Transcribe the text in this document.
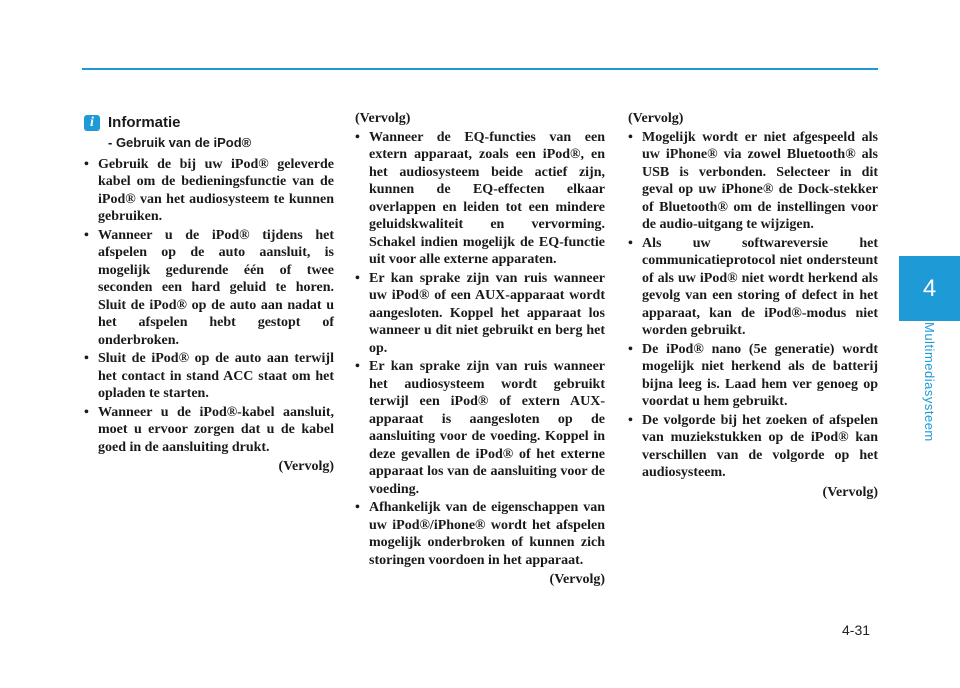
4
Multimediasysteem
i Informatie
- Gebruik van de iPod®
• Gebruik de bij uw iPod® geleverde kabel om de bedieningsfunctie van de iPod® van het audiosysteem te kunnen gebruiken.
• Wanneer u de iPod® tijdens het afspelen op de auto aansluit, is mogelijk gedurende één of twee seconden een hard geluid te horen. Sluit de iPod® op de auto aan nadat u het afspelen hebt gestopt of onderbroken.
• Sluit de iPod® op de auto aan terwijl het contact in stand ACC staat om het opladen te starten.
• Wanneer u de iPod®-kabel aansluit, moet u ervoor zorgen dat u de kabel goed in de aansluiting drukt.
(Vervolg)
(Vervolg)
• Wanneer de EQ-functies van een extern apparaat, zoals een iPod®, en het audiosysteem beide actief zijn, kunnen de EQ-effecten elkaar overlappen en leiden tot een mindere geluidskwaliteit en vervorming. Schakel indien mogelijk de EQ-functie uit voor alle externe apparaten.
• Er kan sprake zijn van ruis wanneer uw iPod® of een AUX-apparaat wordt aangesloten. Koppel het apparaat los wanneer u dit niet gebruikt en berg het op.
• Er kan sprake zijn van ruis wanneer het audiosysteem wordt gebruikt terwijl een iPod® of extern AUX-apparaat is aangesloten op de aansluiting voor de voeding. Koppel in deze gevallen de iPod® of het externe apparaat los van de aansluiting voor de voeding.
• Afhankelijk van de eigenschappen van uw iPod®/iPhone® wordt het afspelen mogelijk onderbroken of kunnen zich storingen voordoen in het apparaat.
(Vervolg)
(Vervolg)
• Mogelijk wordt er niet afgespeeld als uw iPhone® via zowel Bluetooth® als USB is verbonden. Selecteer in dit geval op uw iPhone® de Dock-stekker of Bluetooth® om de instellingen voor de audio-uitgang te wijzigen.
• Als uw softwareversie het communicatieprotocol niet ondersteunt of als uw iPod® niet wordt herkend als gevolg van een storing of defect in het apparaat, kan de iPod®-modus niet worden gebruikt.
• De iPod® nano (5e generatie) wordt mogelijk niet herkend als de batterij bijna leeg is. Laad hem ver genoeg op voordat u hem gebruikt.
• De volgorde bij het zoeken of afspelen van muziekstukken op de iPod® kan verschillen van de volgorde op het audiosysteem.
(Vervolg)
4-31
